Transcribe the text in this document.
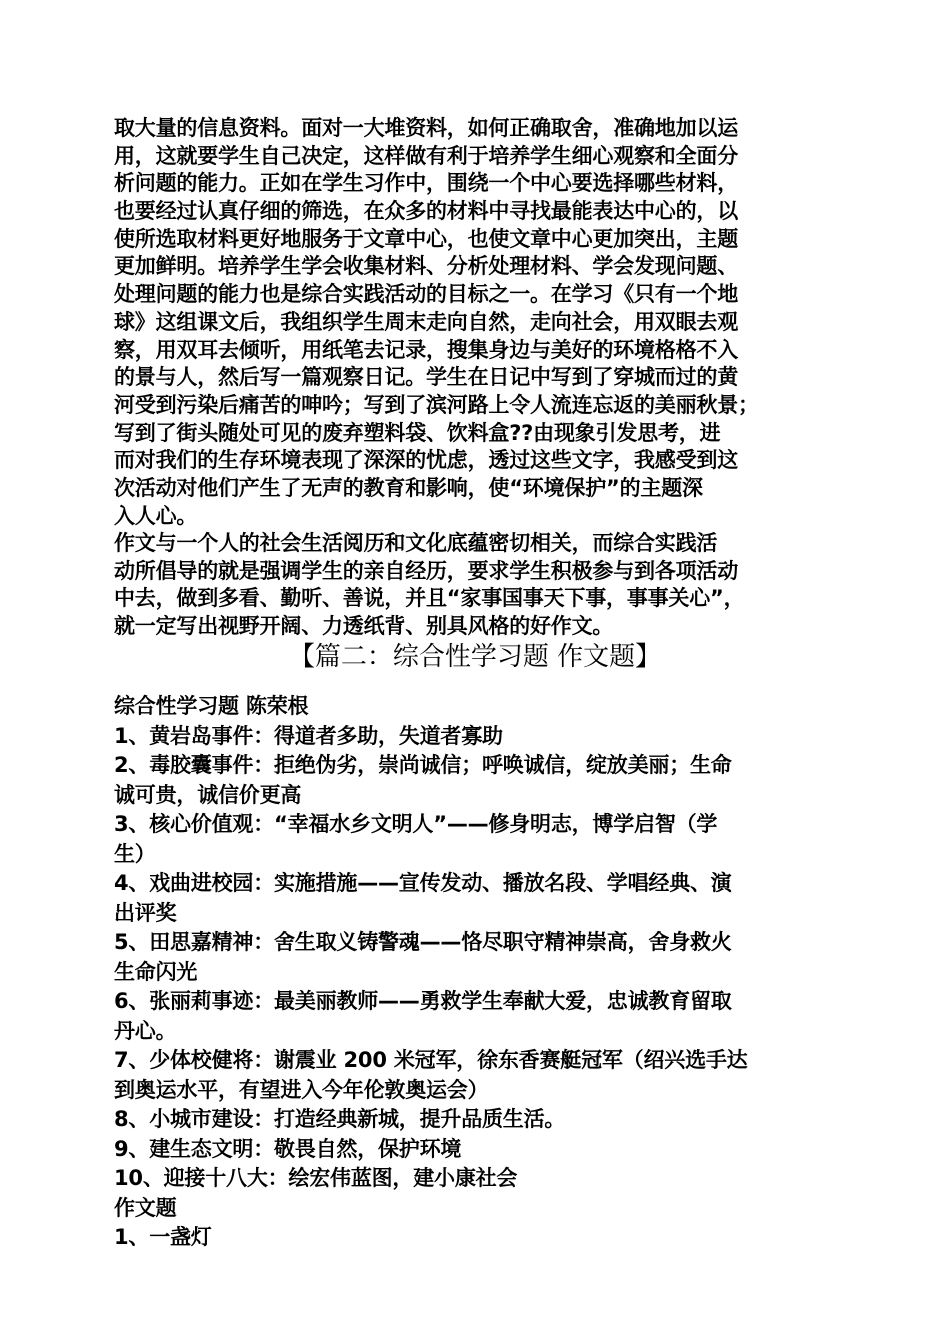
取大量的信息资料。面对一大堆资料，如何正确取舍，准确地加以运
用，这就要学生自己决定，这样做有利于培养学生细心观察和全面分
析问题的能力。正如在学生习作中，围绕一个中心要选择哪些材料，
也要经过认真仔细的筛选，在众多的材料中寻找最能表达中心的，以
使所选取材料更好地服务于文章中心，也使文章中心更加突出，主题
更加鲜明。培养学生学会收集材料、分析处理材料、学会发现问题、
处理问题的能力也是综合实践活动的目标之一。在学习《只有一个地
球》这组课文后，我组织学生周末走向自然，走向社会，用双眼去观
察，用双耳去倾听，用纸笔去记录，搜集身边与美好的环境格格不入
的景与人，然后写一篇观察日记。学生在日记中写到了穿城而过的黄
河受到污染后痛苦的呻吟；写到了滨河路上令人流连忘返的美丽秋景；
写到了街头随处可见的废弃塑料袋、饮料盒??由现象引发思考，进
而对我们的生存环境表现了深深的忧虑，透过这些文字，我感受到这
次活动对他们产生了无声的教育和影响，使“环境保护”的主题深
入人心。
作文与一个人的社会生活阅历和文化底蕴密切相关，而综合实践活
动所倡导的就是强调学生的亲自经历，要求学生积极参与到各项活动
中去，做到多看、勤听、善说，并且“家事国事天下事，事事关心”，
就一定写出视野开阔、力透纸背、别具风格的好作文。
【篇二：综合性学习题 作文题】
综合性学习题 陈荣根
1、黄岩岛事件：得道者多助，失道者寡助
2、毒胶囊事件：拒绝伪劣，崇尚诚信；呼唤诚信，绽放美丽；生命
诚可贵，诚信价更高
3、核心价值观：“幸福水乡文明人”——修身明志，博学启智（学
生）
4、戏曲进校园：实施措施——宣传发动、播放名段、学唱经典、演
出评奖
5、田思嘉精神：舍生取义铸警魂——恪尽职守精神崇高，舍身救火
生命闪光
6、张丽莉事迹：最美丽教师——勇救学生奉献大爱，忠诚教育留取
丹心。
7、少体校健将：谢震业 200 米冠军，徐东香赛艇冠军（绍兴选手达
到奥运水平，有望进入今年伦敦奥运会）
8、小城市建设：打造经典新城，提升品质生活。
9、建生态文明：敬畏自然，保护环境
10、迎接十八大：绘宏伟蓝图，建小康社会
作文题
1、一盏灯
